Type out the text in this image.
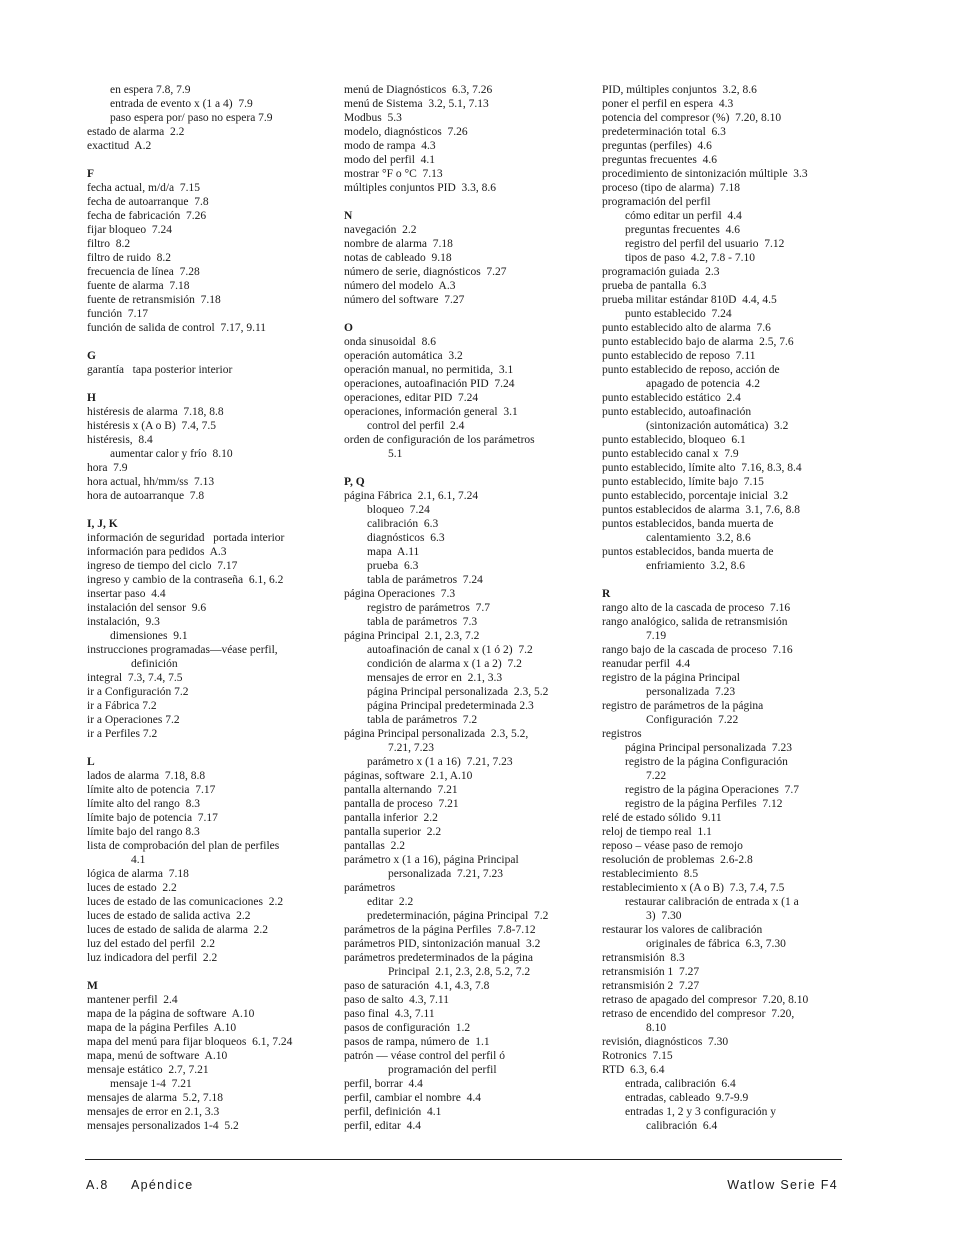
en espera 7.8, 7.9
entrada de evento x (1 a 4)  7.9
paso espera por/ paso no espera 7.9
estado de alarma  2.2
exactitud  A.2
F
fecha actual, m/d/a  7.15
fecha de autoarranque  7.8
fecha de fabricación  7.26
fijar bloqueo  7.24
filtro  8.2
filtro de ruido  8.2
frecuencia de línea  7.28
fuente de alarma  7.18
fuente de retransmisión  7.18
función  7.17
función de salida de control  7.17, 9.11
G
garantía   tapa posterior interior
H
histéresis de alarma  7.18, 8.8
histéresis x (A o B)  7.4, 7.5
histéresis,  8.4
aumentar calor y frío  8.10
hora  7.9
hora actual, hh/mm/ss  7.13
hora de autoarranque  7.8
I, J, K
información de seguridad   portada interior
información para pedidos  A.3
ingreso de tiempo del ciclo  7.17
ingreso y cambio de la contraseña  6.1, 6.2
insertar paso  4.4
instalación del sensor  9.6
instalación,  9.3
dimensiones  9.1
instrucciones programadas—véase perfil,
definición
integral  7.3, 7.4, 7.5
ir a Configuración 7.2
ir a Fábrica 7.2
ir a Operaciones 7.2
ir a Perfiles 7.2
L
lados de alarma  7.18, 8.8
límite alto de potencia  7.17
límite alto del rango  8.3
límite bajo de potencia  7.17
límite bajo del rango 8.3
lista de comprobación del plan de perfiles
4.1
lógica de alarma  7.18
luces de estado  2.2
luces de estado de las comunicaciones  2.2
luces de estado de salida activa  2.2
luces de estado de salida de alarma  2.2
luz del estado del perfil  2.2
luz indicadora del perfil  2.2
M
mantener perfil  2.4
mapa de la página de software  A.10
mapa de la página Perfiles  A.10
mapa del menú para fijar bloqueos  6.1, 7.24
mapa, menú de software  A.10
mensaje estático  2.7, 7.21
mensaje 1-4  7.21
mensajes de alarma  5.2, 7.18
mensajes de error en 2.1, 3.3
mensajes personalizados 1-4  5.2
menú de Diagnósticos  6.3, 7.26
menú de Sistema  3.2, 5.1, 7.13
Modbus  5.3
modelo, diagnósticos  7.26
modo de rampa  4.3
modo del perfil  4.1
mostrar °F o °C  7.13
múltiples conjuntos PID  3.3, 8.6
N
navegación  2.2
nombre de alarma  7.18
notas de cableado  9.18
número de serie, diagnósticos  7.27
número del modelo  A.3
número del software  7.27
O
onda sinusoidal  8.6
operación automática  3.2
operación manual, no permitida,  3.1
operaciones, autoafinación PID  7.24
operaciones, editar PID  7.24
operaciones, información general  3.1
control del perfil  2.4
orden de configuración de los parámetros
5.1
P, Q
página Fábrica  2.1, 6.1, 7.24
bloqueo  7.24
calibración  6.3
diagnósticos  6.3
mapa  A.11
prueba  6.3
tabla de parámetros  7.24
página Operaciones  7.3
registro de parámetros  7.7
tabla de parámetros  7.3
página Principal  2.1, 2.3, 7.2
autoafinación de canal x (1 ó 2)  7.2
condición de alarma x (1 a 2)  7.2
mensajes de error en  2.1, 3.3
página Principal personalizada  2.3, 5.2
página Principal predeterminada 2.3
tabla de parámetros  7.2
página Principal personalizada  2.3, 5.2,
7.21, 7.23
parámetro x (1 a 16)  7.21, 7.23
páginas, software  2.1, A.10
pantalla alternando  7.21
pantalla de proceso  7.21
pantalla inferior  2.2
pantalla superior  2.2
pantallas  2.2
parámetro x (1 a 16), página Principal
personalizada  7.21, 7.23
parámetros
editar  2.2
predeterminación, página Principal  7.2
parámetros de la página Perfiles  7.8-7.12
parámetros PID, sintonización manual  3.2
parámetros predeterminados de la página
Principal  2.1, 2.3, 2.8, 5.2, 7.2
paso de saturación  4.1, 4.3, 7.8
paso de salto  4.3, 7.11
paso final  4.3, 7.11
pasos de configuración  1.2
pasos de rampa, número de  1.1
patrón — véase control del perfil ó
programación del perfil
perfil, borrar  4.4
perfil, cambiar el nombre  4.4
perfil, definición  4.1
perfil, editar  4.4
PID, múltiples conjuntos  3.2, 8.6
poner el perfil en espera  4.3
potencia del compresor (%)  7.20, 8.10
predeterminación total  6.3
preguntas (perfiles)  4.6
preguntas frecuentes  4.6
procedimiento de sintonización múltiple  3.3
proceso (tipo de alarma)  7.18
programación del perfil
cómo editar un perfil  4.4
preguntas frecuentes  4.6
registro del perfil del usuario  7.12
tipos de paso  4.2, 7.8 - 7.10
programación guiada  2.3
prueba de pantalla  6.3
prueba militar estándar 810D  4.4, 4.5
punto establecido  7.24
punto establecido alto de alarma  7.6
punto establecido bajo de alarma  2.5, 7.6
punto establecido de reposo  7.11
punto establecido de reposo, acción de
apagado de potencia  4.2
punto establecido estático  2.4
punto establecido, autoafinación
(sintonización automática)  3.2
punto establecido, bloqueo  6.1
punto establecido canal x  7.9
punto establecido, límite alto  7.16, 8.3, 8.4
punto establecido, límite bajo  7.15
punto establecido, porcentaje inicial  3.2
puntos establecidos de alarma  3.1, 7.6, 8.8
puntos establecidos, banda muerta de
calentamiento  3.2, 8.6
puntos establecidos, banda muerta de
enfriamiento  3.2, 8.6
R
rango alto de la cascada de proceso  7.16
rango analógico, salida de retransmisión
7.19
rango bajo de la cascada de proceso  7.16
reanudar perfil  4.4
registro de la página Principal
personalizada  7.23
registro de parámetros de la página
Configuración  7.22
registros
página Principal personalizada  7.23
registro de la página Configuración
7.22
registro de la página Operaciones  7.7
registro de la página Perfiles  7.12
relé de estado sólido  9.11
reloj de tiempo real  1.1
reposo – véase paso de remojo
resolución de problemas  2.6-2.8
restablecimiento  8.5
restablecimiento x (A o B)  7.3, 7.4, 7.5
restaurar calibración de entrada x (1 a
3)  7.30
restaurar los valores de calibración
originales de fábrica  6.3, 7.30
retransmisión  8.3
retransmisión 1  7.27
retransmisión 2  7.27
retraso de apagado del compresor  7.20, 8.10
retraso de encendido del compresor  7.20,
8.10
revisión, diagnósticos  7.30
Rotronics  7.15
RTD  6.3, 6.4
entrada, calibración  6.4
entradas, cableado  9.7-9.9
entradas 1, 2 y 3 configuración y
calibración  6.4
A.8 Apéndice	Watlow Serie F4
